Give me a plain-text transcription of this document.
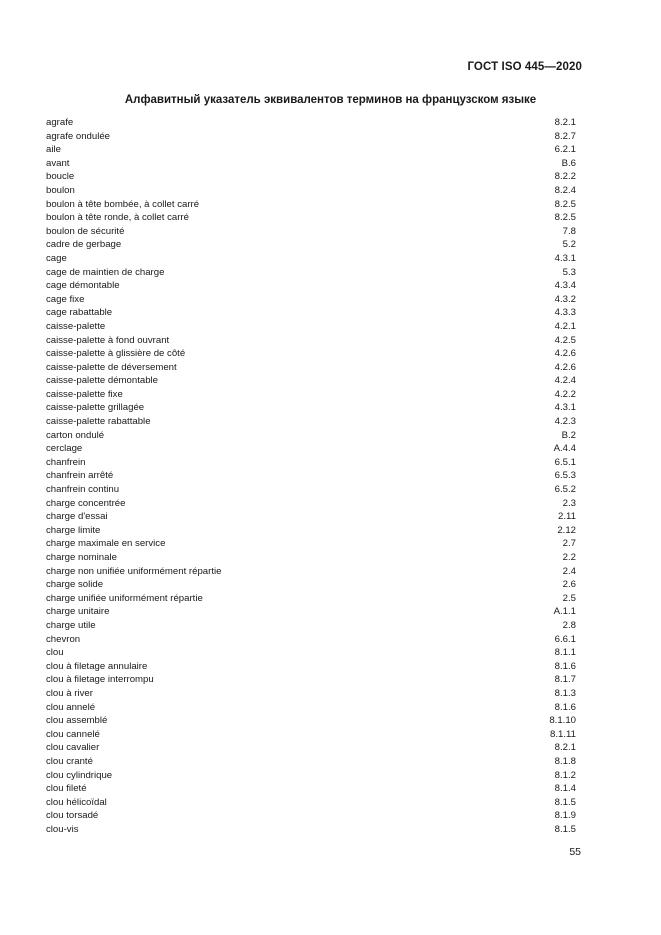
ГОСТ ISO 445—2020
Алфавитный указатель эквивалентов терминов на французском языке
agrafe	8.2.1
agrafe ondulée	8.2.7
aile	6.2.1
avant	B.6
boucle	8.2.2
boulon	8.2.4
boulon à tête bombée, à collet carré	8.2.5
boulon à tête ronde, à collet carré	8.2.5
boulon de sécurité	7.8
cadre de gerbage	5.2
cage	4.3.1
cage de maintien de charge	5.3
cage démontable	4.3.4
cage fixe	4.3.2
cage rabattable	4.3.3
caisse-palette	4.2.1
caisse-palette à fond ouvrant	4.2.5
caisse-palette à glissière de côté	4.2.6
caisse-palette de déversement	4.2.6
caisse-palette démontable	4.2.4
caisse-palette fixe	4.2.2
caisse-palette grillagée	4.3.1
caisse-palette rabattable	4.2.3
carton ondulé	B.2
cerclage	A.4.4
chanfrein	6.5.1
chanfrein arrêté	6.5.3
chanfrein continu	6.5.2
charge concentrée	2.3
charge d'essai	2.11
charge limite	2.12
charge maximale en service	2.7
charge nominale	2.2
charge non unifiée uniformément répartie	2.4
charge solide	2.6
charge unifiée uniformément répartie	2.5
charge unitaire	A.1.1
charge utile	2.8
chevron	6.6.1
clou	8.1.1
clou à filetage annulaire	8.1.6
clou à filetage interrompu	8.1.7
clou à river	8.1.3
clou annelé	8.1.6
clou assemblé	8.1.10
clou cannelé	8.1.11
clou cavalier	8.2.1
clou cranté	8.1.8
clou cylindrique	8.1.2
clou fileté	8.1.4
clou hélicoïdal	8.1.5
clou torsadé	8.1.9
clou-vis	8.1.5
55
